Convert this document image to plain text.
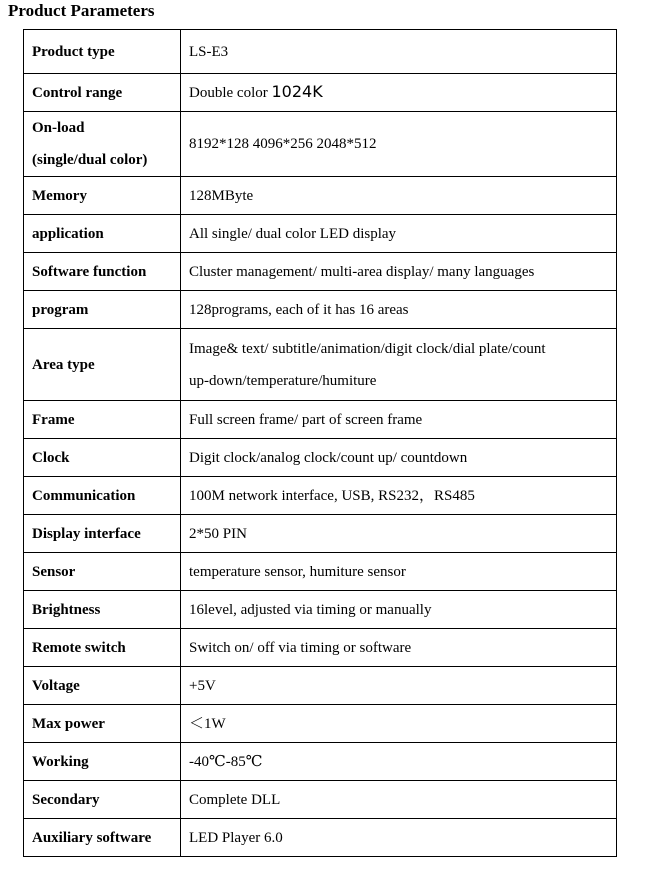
Product Parameters
Product type	LS-E3
Control range	Double color 1024K

On-load
(single/dual color)	8192*128 4096*256 2048*512
Memory	128MByte
application	All single/ dual color LED display
Software function	Cluster management/ multi-area display/ many languages
program	128programs, each of it has 16 areas
Area type	Image& text/ subtitle/animation/digit clock/dial plate/count
up-down/temperature/humiture

Frame	Full screen frame/ part of screen frame
Clock	Digit clock/analog clock/count up/ countdown
Communication	100M network interface, USB, RS232，RS485
Display interface	2*50 PIN
Sensor	temperature sensor, humiture sensor
Brightness	16level, adjusted via timing or manually
Remote switch	Switch on/ off via timing or software
Voltage	+5V
Max power	＜1W
Working	-40℃-85℃
Secondary	Complete DLL
Auxiliary software	LED Player 6.0
